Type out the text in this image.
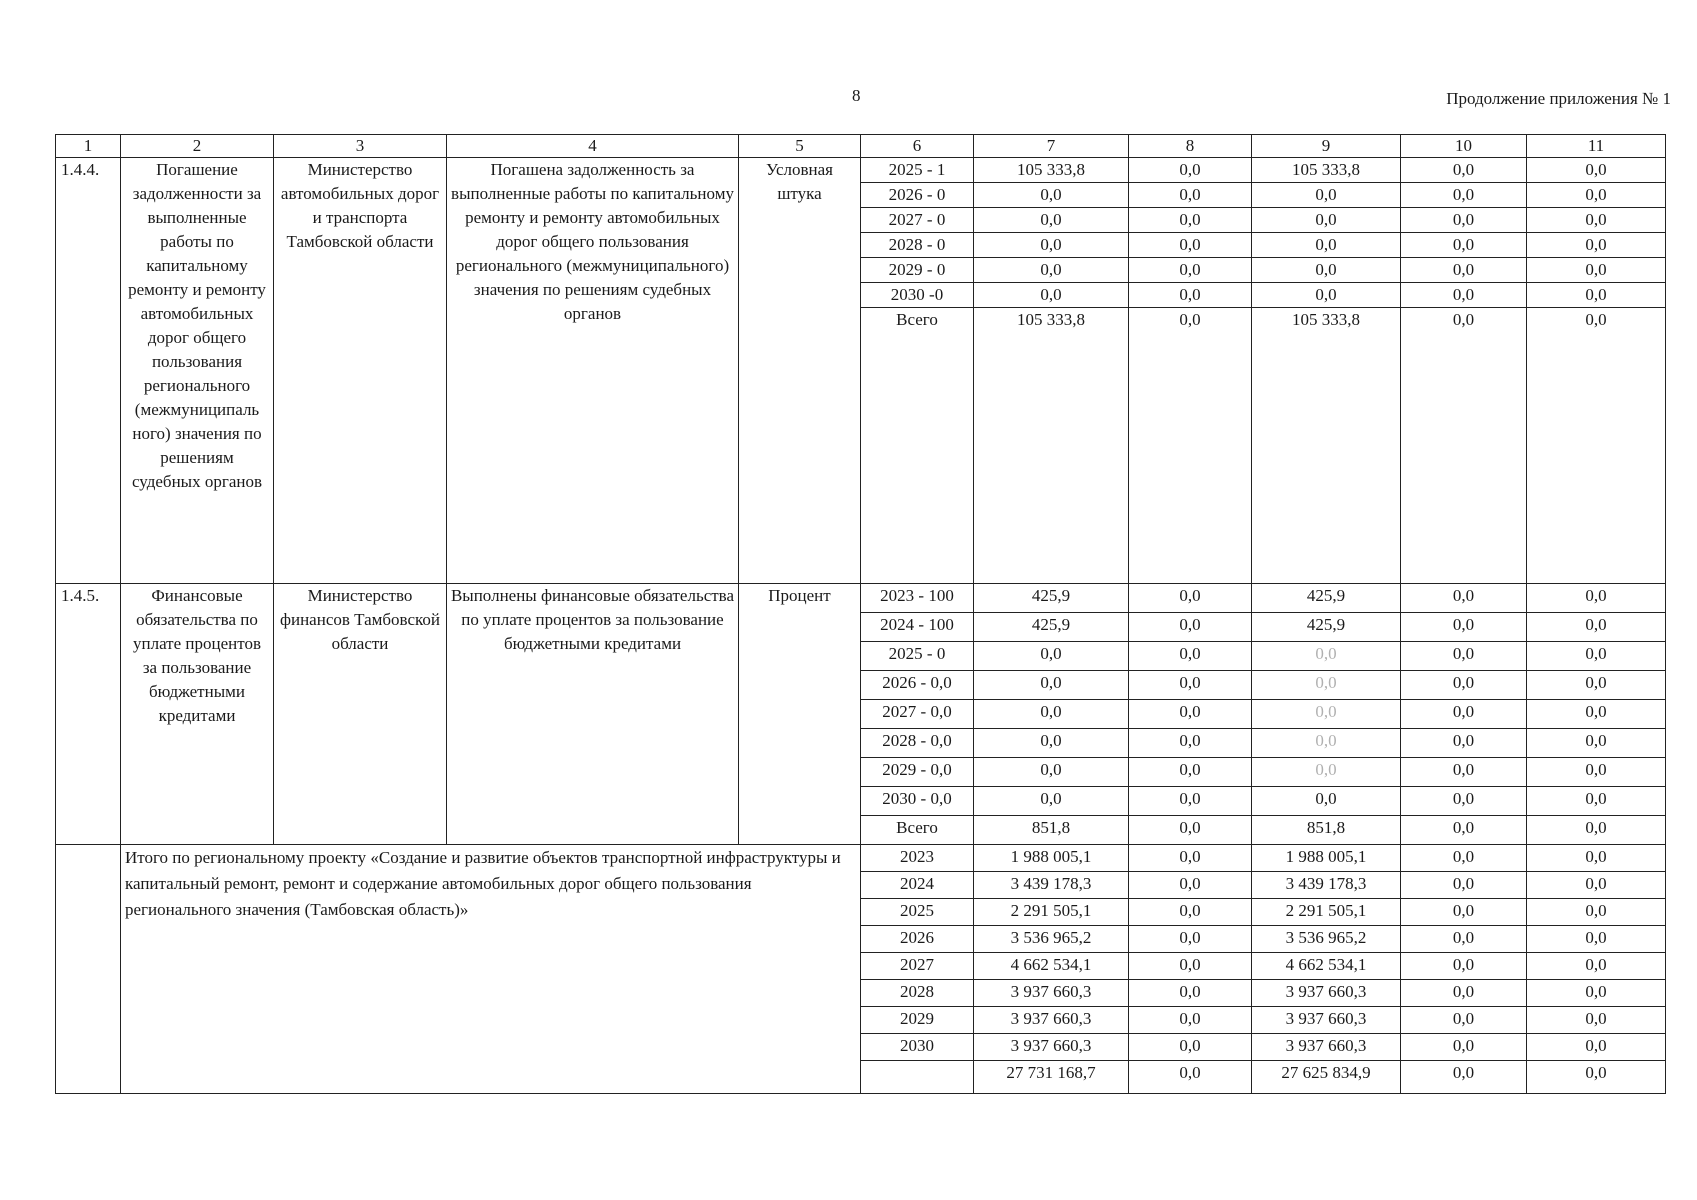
8	Продолжение приложения № 1
1	2	3	4	5	6	7	8	9	10	11
1.4.4.	Погашение задолженности за выполненные работы по капитальному ремонту и ремонту автомобильных дорог общего пользования регионального (межмуниципаль ного) значения по решениям судебных органов	Министерство автомобильных дорог и транспорта Тамбовской области	Погашена задолженность за выполненные работы по капитальному ремонту и ремонту автомобильных дорог общего пользования регионального (межмуниципального) значения по решениям судебных органов	Условная штука	2025 - 1	105 333,8	0,0	105 333,8	0,0	0,0
					2026 - 0	0,0	0,0	0,0	0,0	0,0
					2027 - 0	0,0	0,0	0,0	0,0	0,0
					2028 - 0	0,0	0,0	0,0	0,0	0,0
					2029 - 0	0,0	0,0	0,0	0,0	0,0
					2030 -0	0,0	0,0	0,0	0,0	0,0
					Всего	105 333,8	0,0	105 333,8	0,0	0,0
1.4.5.	Финансовые обязательства по уплате процентов за пользование бюджетными кредитами	Министерство финансов Тамбовской области	Выполнены финансовые обязательства по уплате процентов за пользование бюджетными кредитами	Процент	2023 - 100	425,9	0,0	425,9	0,0	0,0
					2024 - 100	425,9	0,0	425,9	0,0	0,0
					2025 - 0	0,0	0,0	0,0	0,0	0,0
					2026 - 0,0	0,0	0,0	0,0	0,0	0,0
					2027 - 0,0	0,0	0,0	0,0	0,0	0,0
					2028 - 0,0	0,0	0,0	0,0	0,0	0,0
					2029 - 0,0	0,0	0,0	0,0	0,0	0,0
					2030 - 0,0	0,0	0,0	0,0	0,0	0,0
					Всего	851,8	0,0	851,8	0,0	0,0
	Итого по региональному проекту «Создание и развитие объектов транспортной инфраструктуры и капитальный ремонт, ремонт и содержание автомобильных дорог общего пользования регионального значения (Тамбовская область)»				2023	1 988 005,1	0,0	1 988 005,1	0,0	0,0
					2024	3 439 178,3	0,0	3 439 178,3	0,0	0,0
					2025	2 291 505,1	0,0	2 291 505,1	0,0	0,0
					2026	3 536 965,2	0,0	3 536 965,2	0,0	0,0
					2027	4 662 534,1	0,0	4 662 534,1	0,0	0,0
					2028	3 937 660,3	0,0	3 937 660,3	0,0	0,0
					2029	3 937 660,3	0,0	3 937 660,3	0,0	0,0
					2030	3 937 660,3	0,0	3 937 660,3	0,0	0,0
						27 731 168,7	0,0	27 625 834,9	0,0	0,0
